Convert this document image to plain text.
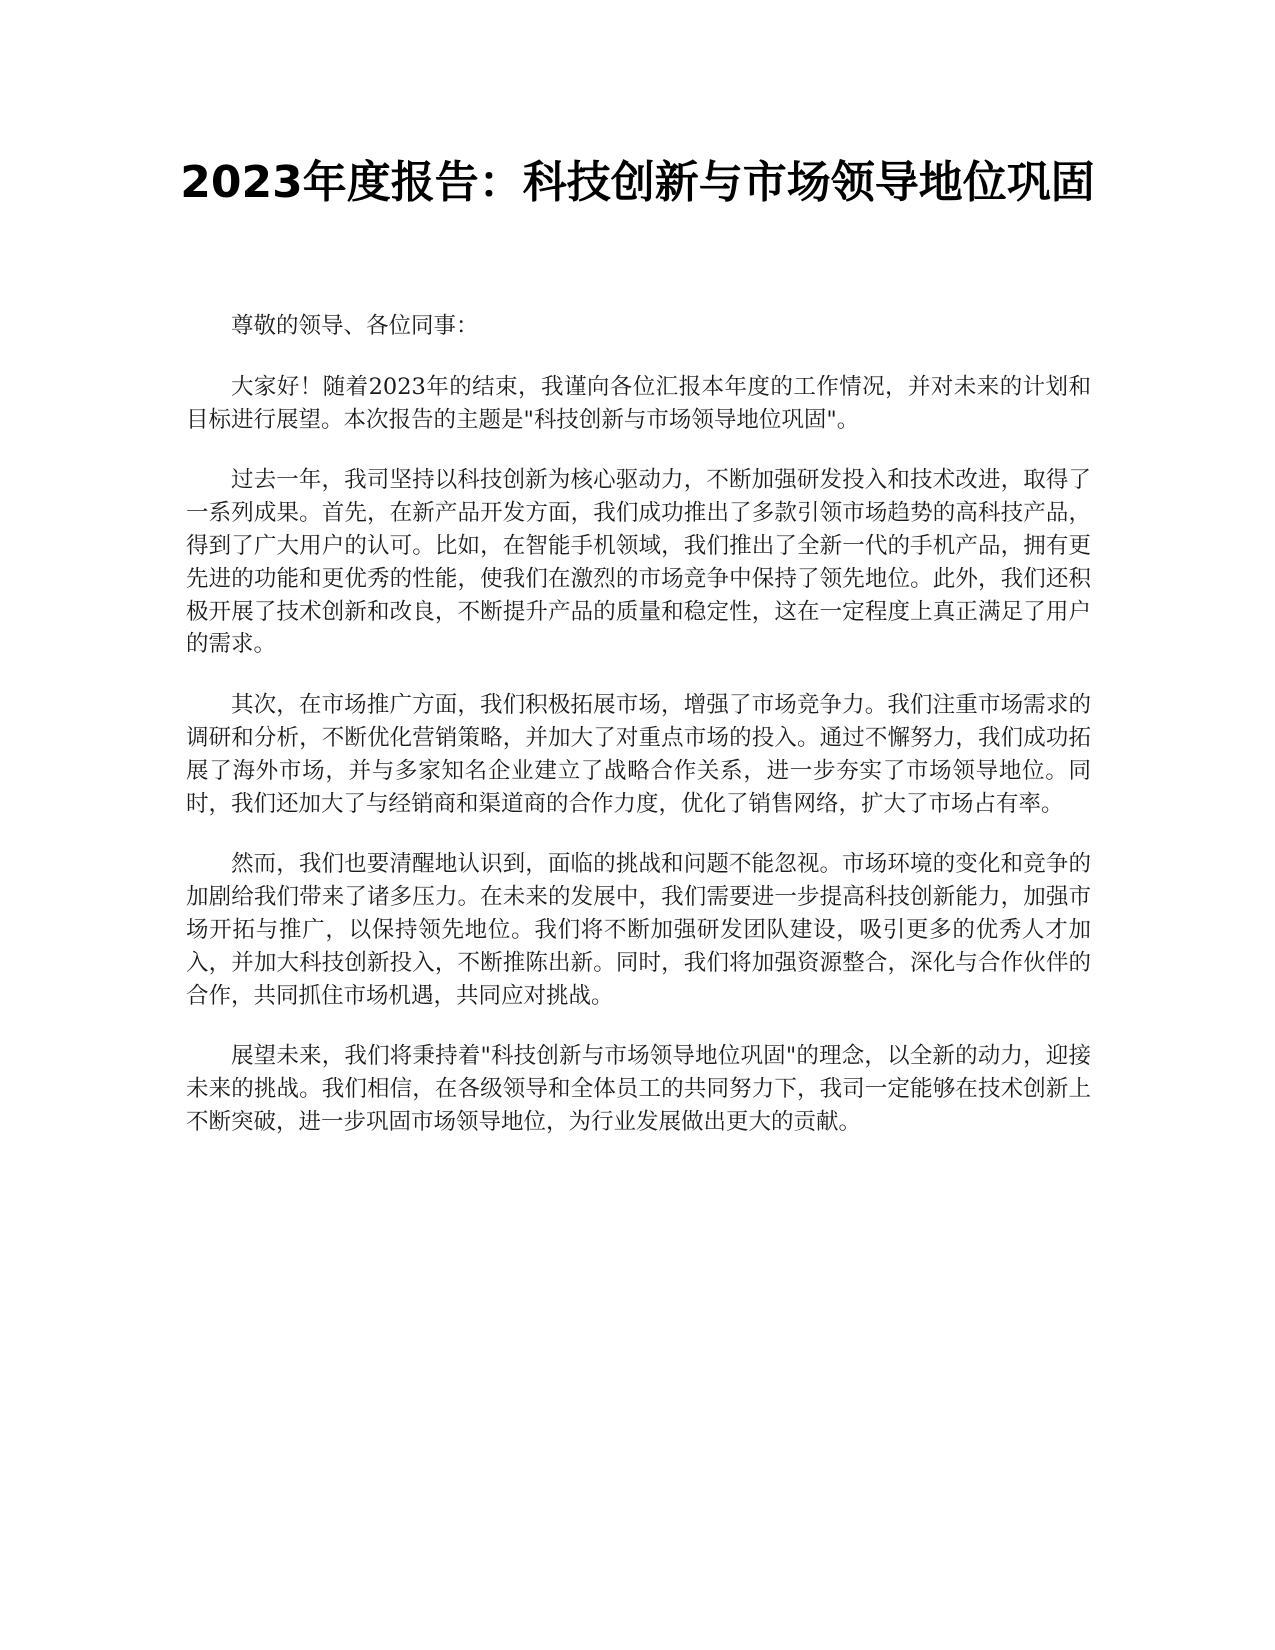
2023年度报告：科技创新与市场领导地位巩固

尊敬的领导、各位同事：

大家好！随着2023年的结束，我谨向各位汇报本年度的工作情况，并对未来的计划和目标进行展望。本次报告的主题是"科技创新与市场领导地位巩固"。

过去一年，我司坚持以科技创新为核心驱动力，不断加强研发投入和技术改进，取得了一系列成果。首先，在新产品开发方面，我们成功推出了多款引领市场趋势的高科技产品，得到了广大用户的认可。比如，在智能手机领域，我们推出了全新一代的手机产品，拥有更先进的功能和更优秀的性能，使我们在激烈的市场竞争中保持了领先地位。此外，我们还积极开展了技术创新和改良，不断提升产品的质量和稳定性，这在一定程度上真正满足了用户的需求。

其次，在市场推广方面，我们积极拓展市场，增强了市场竞争力。我们注重市场需求的调研和分析，不断优化营销策略，并加大了对重点市场的投入。通过不懈努力，我们成功拓展了海外市场，并与多家知名企业建立了战略合作关系，进一步夯实了市场领导地位。同时，我们还加大了与经销商和渠道商的合作力度，优化了销售网络，扩大了市场占有率。

然而，我们也要清醒地认识到，面临的挑战和问题不能忽视。市场环境的变化和竞争的加剧给我们带来了诸多压力。在未来的发展中，我们需要进一步提高科技创新能力，加强市场开拓与推广，以保持领先地位。我们将不断加强研发团队建设，吸引更多的优秀人才加入，并加大科技创新投入，不断推陈出新。同时，我们将加强资源整合，深化与合作伙伴的合作，共同抓住市场机遇，共同应对挑战。

展望未来，我们将秉持着"科技创新与市场领导地位巩固"的理念，以全新的动力，迎接未来的挑战。我们相信，在各级领导和全体员工的共同努力下，我司一定能够在技术创新上不断突破，进一步巩固市场领导地位，为行业发展做出更大的贡献。
